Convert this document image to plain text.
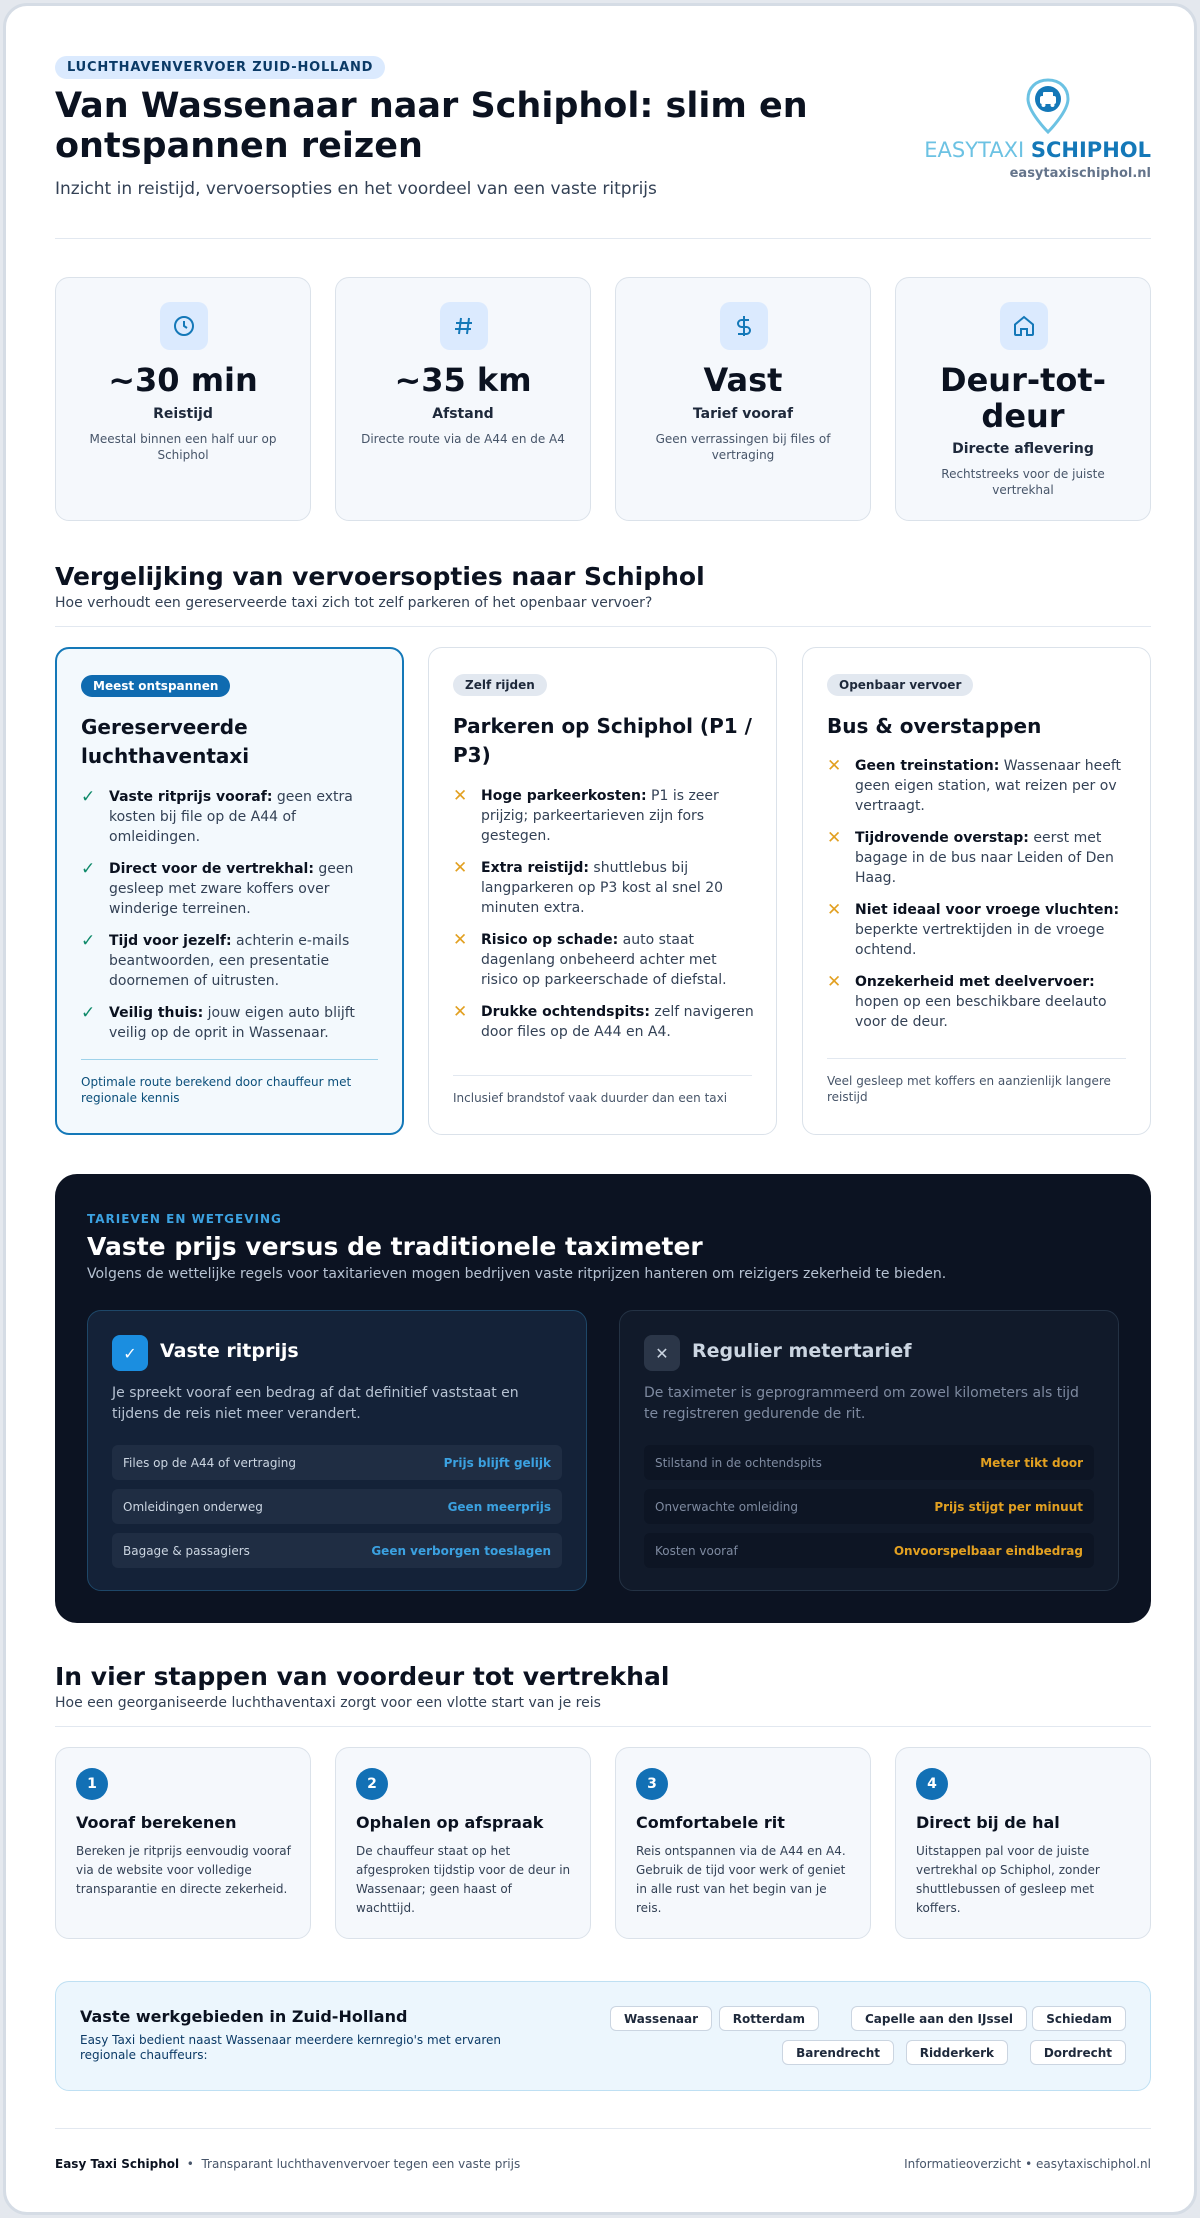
LUCHTHAVENVERVOER ZUID-HOLLAND
Van Wassenaar naar Schiphol: slim en ontspannen reizen
Inzicht in reistijd, vervoersopties en het voordeel van een vaste ritprijs
EASYTAXI SCHIPHOL
easytaxischiphol.nl
~30 min
Reistijd
Meestal binnen een half uur op Schiphol
~35 km
Afstand
Directe route via de A44 en de A4
Vast
Tarief vooraf
Geen verrassingen bij files of vertraging
Deur-tot-deur
Directe aflevering
Rechtstreeks voor de juiste vertrekhal
Vergelijking van vervoersopties naar Schiphol
Hoe verhoudt een gereserveerde taxi zich tot zelf parkeren of het openbaar vervoer?
Meest ontspannen
Gereserveerde luchthaventaxi
✓ Vaste ritprijs vooraf: geen extra kosten bij file op de A44 of omleidingen.
✓ Direct voor de vertrekhal: geen gesleep met zware koffers over winderige terreinen.
✓ Tijd voor jezelf: achterin e-mails beantwoorden, een presentatie doornemen of uitrusten.
✓ Veilig thuis: jouw eigen auto blijft veilig op de oprit in Wassenaar.
Optimale route berekend door chauffeur met regionale kennis
Zelf rijden
Parkeren op Schiphol (P1 / P3)
✕ Hoge parkeerkosten: P1 is zeer prijzig; parkeertarieven zijn fors gestegen.
✕ Extra reistijd: shuttlebus bij langparkeren op P3 kost al snel 20 minuten extra.
✕ Risico op schade: auto staat dagenlang onbeheerd achter met risico op parkeerschade of diefstal.
✕ Drukke ochtendspits: zelf navigeren door files op de A44 en A4.
Inclusief brandstof vaak duurder dan een taxi
Openbaar vervoer
Bus & overstappen
✕ Geen treinstation: Wassenaar heeft geen eigen station, wat reizen per ov vertraagt.
✕ Tijdrovende overstap: eerst met bagage in de bus naar Leiden of Den Haag.
✕ Niet ideaal voor vroege vluchten: beperkte vertrektijden in de vroege ochtend.
✕ Onzekerheid met deelvervoer: hopen op een beschikbare deelauto voor de deur.
Veel gesleep met koffers en aanzienlijk langere reistijd
TARIEVEN EN WETGEVING
Vaste prijs versus de traditionele taximeter
Volgens de wettelijke regels voor taxitarieven mogen bedrijven vaste ritprijzen hanteren om reizigers zekerheid te bieden.
✓	Vaste ritprijs
Je spreekt vooraf een bedrag af dat definitief vaststaat en tijdens de reis niet meer verandert.
Files op de A44 of vertraging	Prijs blijft gelijk
Omleidingen onderweg	Geen meerprijs
Bagage & passagiers	Geen verborgen toeslagen
✕	Regulier metertarief
De taximeter is geprogrammeerd om zowel kilometers als tijd te registreren gedurende de rit.
Stilstand in de ochtendspits	Meter tikt door
Onverwachte omleiding	Prijs stijgt per minuut
Kosten vooraf	Onvoorspelbaar eindbedrag
In vier stappen van voordeur tot vertrekhal
Hoe een georganiseerde luchthaventaxi zorgt voor een vlotte start van je reis
1
Vooraf berekenen
Bereken je ritprijs eenvoudig vooraf via de website voor volledige transparantie en directe zekerheid.
2
Ophalen op afspraak
De chauffeur staat op het afgesproken tijdstip voor de deur in Wassenaar; geen haast of wachttijd.
3
Comfortabele rit
Reis ontspannen via de A44 en A4. Gebruik de tijd voor werk of geniet in alle rust van het begin van je reis.
4
Direct bij de hal
Uitstappen pal voor de juiste vertrekhal op Schiphol, zonder shuttlebussen of gesleep met koffers.
Vaste werkgebieden in Zuid-Holland
Easy Taxi bedient naast Wassenaar meerdere kernregio's met ervaren regionale chauffeurs:
Wassenaar	Rotterdam	Capelle aan den IJssel	Schiedam
Barendrecht	Ridderkerk	Dordrecht
Easy Taxi Schiphol • Transparant luchthavenvervoer tegen een vaste prijs	Informatieoverzicht • easytaxischiphol.nl
